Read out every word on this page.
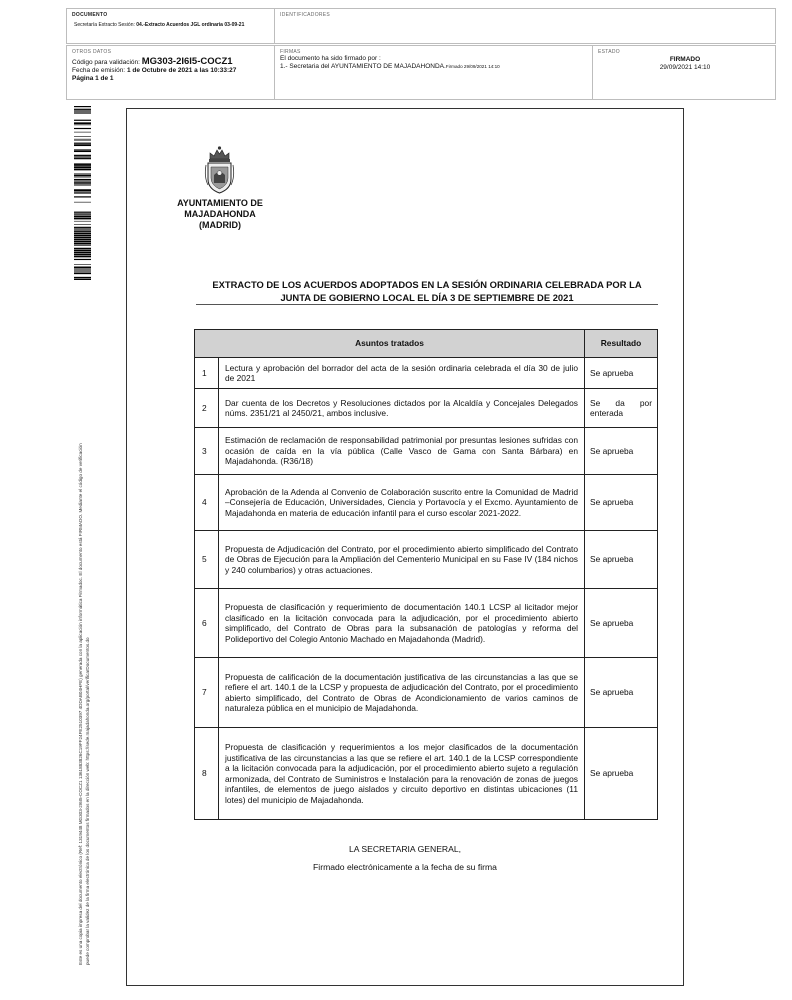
DOCUMENTO
Secretaría Extracto Sesión: 04.-Extracto Acuerdos JGL ordinaria 03-09-21
IDENTIFICADORES
OTROS DATOS
Código para validación: MG303-2I6I5-COCZ1
Fecha de emisión: 1 de Octubre de 2021 a las 10:33:27
Página 1 de 1
FIRMAS
El documento ha sido firmado por :
1.- Secretaria del AYUNTAMIENTO DE MAJADAHONDA.Firmado 29/09/2021 14:10
ESTADO
FIRMADO
29/09/2021 14:10
Este es una copia impresa del documento electrónico (Ref: 1319448 MG303-2I6I5-COCZ1 1361883826C19FF24FE2510397 4DDAB04HFE) generada con la aplicación informática Firmadoc. El documento está FIRMADO. Mediante el código de verificación puede comprobar la validez de la firma electrónica de los documentos firmados en la dirección web: https://sede.majadahonda.org/portal/verificarDocumentos.do
AYUNTAMIENTO DE
MAJADAHONDA
(MADRID)
EXTRACTO DE LOS ACUERDOS ADOPTADOS EN LA SESIÓN ORDINARIA CELEBRADA POR LA
JUNTA DE GOBIERNO LOCAL EL DÍA 3 DE SEPTIEMBRE DE 2021
Asuntos tratados		Resultado
1	Lectura y aprobación del borrador del acta de la sesión ordinaria celebrada el día 30 de julio de 2021	Se aprueba

2	Dar cuenta de los Decretos y Resoluciones dictados por la Alcaldía y Concejales Delegados núms. 2351/21 al 2450/21, ambos inclusive.	Se da por
enterada

3	Estimación de reclamación de responsabilidad patrimonial por presuntas lesiones sufridas con ocasión de caída en la vía pública (Calle Vasco de Gama con Santa Bárbara) en Majadahonda. (R36/18)	Se aprueba

4	Aprobación de la Adenda al Convenio de Colaboración suscrito entre la Comunidad de Madrid –Consejería de Educación, Universidades, Ciencia y Portavocía y el Excmo. Ayuntamiento de Majadahonda en materia de educación infantil para el curso escolar 2021-2022.	Se aprueba

5	Propuesta de Adjudicación del Contrato, por el procedimiento abierto simplificado del Contrato de Obras de Ejecución para la Ampliación del Cementerio Municipal en su Fase IV (184 nichos y 240 columbarios) y otras actuaciones.	Se aprueba

6	Propuesta de clasificación y requerimiento de documentación 140.1 LCSP al licitador mejor clasificado en la licitación convocada para la adjudicación, por el procedimiento abierto simplificado, del Contrato de Obras para la subsanación de patologías y reforma del Polideportivo del Colegio Antonio Machado en Majadahonda (Madrid).	Se aprueba

7	Propuesta de calificación de la documentación justificativa de las circunstancias a las que se refiere el art. 140.1 de la LCSP y propuesta de adjudicación del Contrato, por el procedimiento abierto simplificado, del Contrato de Obras de Acondicionamiento de varios caminos de naturaleza pública en el municipio de Majadahonda.	Se aprueba

8	Propuesta de clasificación y requerimientos a los mejor clasificados de la documentación justificativa de las circunstancias a las que se refiere el art. 140.1 de la LCSP correspondiente a la licitación convocada para la adjudicación, por el procedimiento abierto sujeto a regulación armonizada, del Contrato de Suministros e Instalación para la renovación de zonas de juegos infantiles, de elementos de juego aislados y circuito deportivo en distintas ubicaciones (11 lotes) del municipio de Majadahonda.	Se aprueba
LA SECRETARIA GENERAL,
Firmado electrónicamente a la fecha de su firma
